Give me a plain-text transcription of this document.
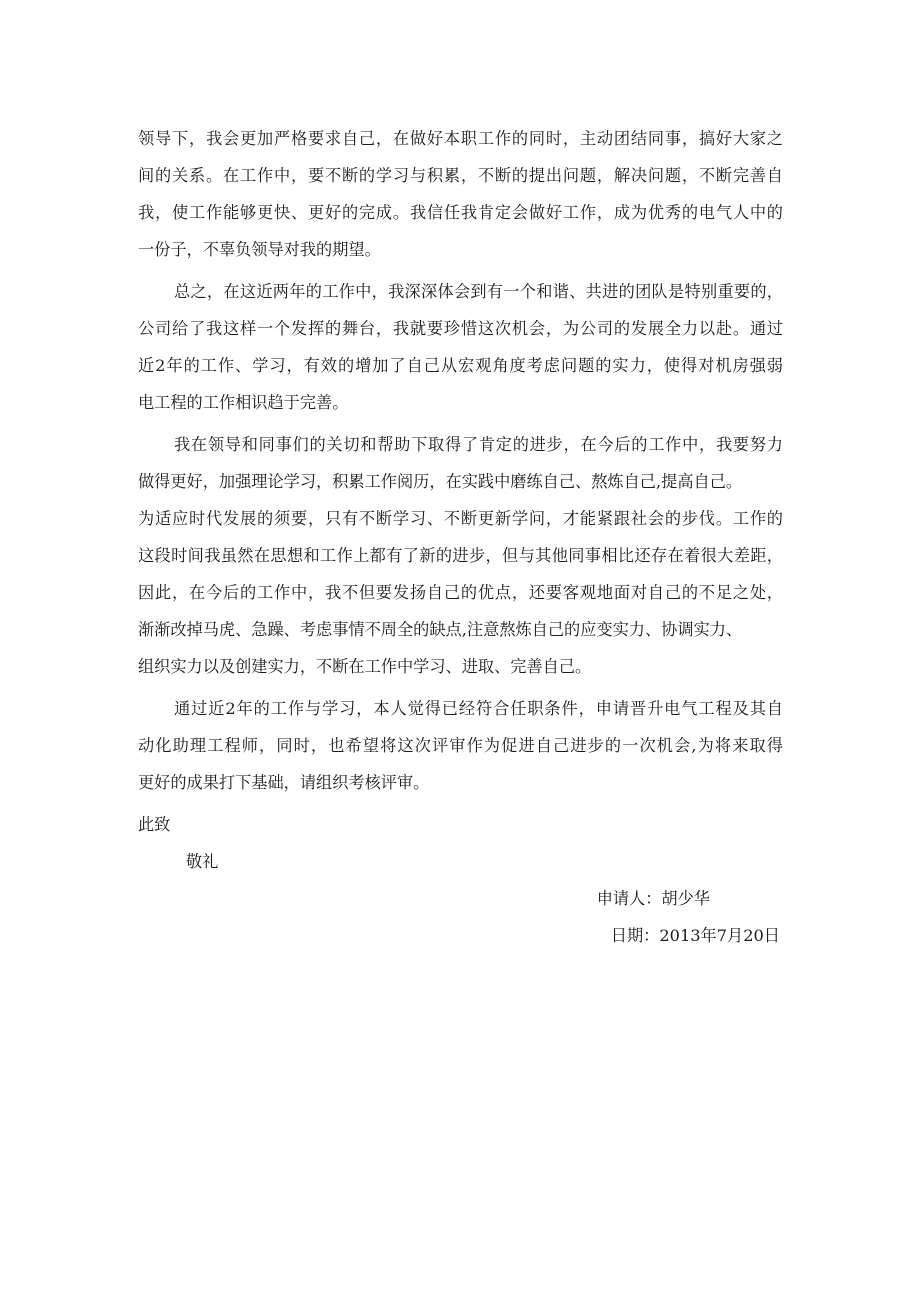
领导下，我会更加严格要求自己，在做好本职工作的同时，主动团结同事，搞好大家之
间的关系。在工作中，要不断的学习与积累，不断的提出问题，解决问题，不断完善自
我，使工作能够更快、更好的完成。我信任我肯定会做好工作，成为优秀的电气人中的
一份子，不辜负领导对我的期望。
总之，在这近两年的工作中，我深深体会到有一个和谐、共进的团队是特别重要的，
公司给了我这样一个发挥的舞台，我就要珍惜这次机会，为公司的发展全力以赴。通过
近2年的工作、学习，有效的增加了自己从宏观角度考虑问题的实力，使得对机房强弱
电工程的工作相识趋于完善。
我在领导和同事们的关切和帮助下取得了肯定的进步，在今后的工作中，我要努力
做得更好，加强理论学习，积累工作阅历，在实践中磨练自己、熬炼自己,提高自己。
为适应时代发展的须要，只有不断学习、不断更新学问，才能紧跟社会的步伐。工作的
这段时间我虽然在思想和工作上都有了新的进步，但与其他同事相比还存在着很大差距，
因此，在今后的工作中，我不但要发扬自己的优点，还要客观地面对自己的不足之处，
渐渐改掉马虎、急躁、考虑事情不周全的缺点,注意熬炼自己的应变实力、协调实力、
组织实力以及创建实力，不断在工作中学习、进取、完善自己。
通过近2年的工作与学习，本人觉得已经符合任职条件，申请晋升电气工程及其自
动化助理工程师，同时，也希望将这次评审作为促进自己进步的一次机会,为将来取得
更好的成果打下基础，请组织考核评审。

此致

敬礼

申请人：胡少华

日期：2013年7月20日
